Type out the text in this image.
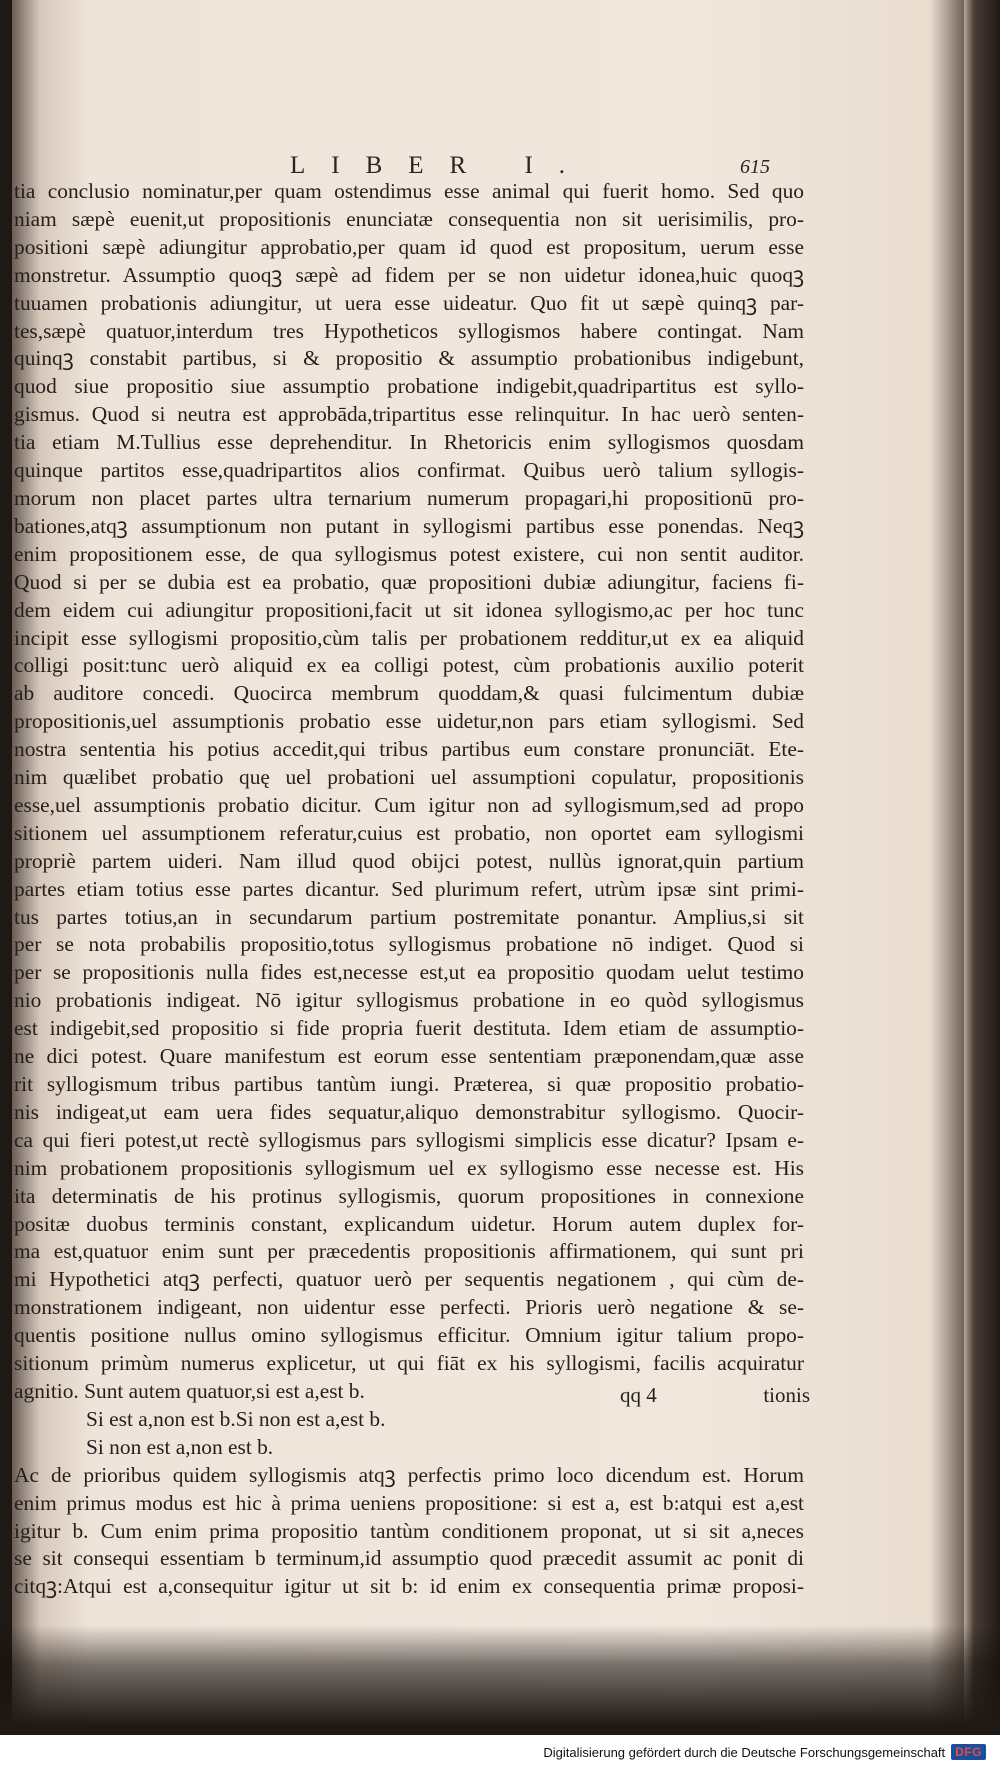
LIBER I.	615
tia conclusio nominatur,per quam ostendimus esse animal qui fuerit homo. Sed quo
niam sæpè euenit,ut propositionis enunciatæ consequentia non sit uerisimilis, pro-
positioni sæpè adiungitur approbatio,per quam id quod est propositum, uerum esse
monstretur. Assumptio quoqꝫ sæpè ad fidem per se non uidetur idonea,huic quoqꝫ
tuuamen probationis adiungitur, ut uera esse uideatur. Quo fit ut sæpè quinqꝫ par-
tes,sæpè quatuor,interdum tres Hypotheticos syllogismos habere contingat. Nam
quinqꝫ constabit partibus, si & propositio & assumptio probationibus indigebunt,
quod siue propositio siue assumptio probatione indigebit,quadripartitus est syllo-
gismus. Quod si neutra est approbāda,tripartitus esse relinquitur. In hac uerò senten-
tia etiam M.Tullius esse deprehenditur. In Rhetoricis enim syllogismos quosdam
quinque partitos esse,quadripartitos alios confirmat. Quibus uerò talium syllogis-
morum non placet partes ultra ternarium numerum propagari,hi propositionū pro-
bationes,atqꝫ assumptionum non putant in syllogismi partibus esse ponendas. Neqꝫ
enim propositionem esse, de qua syllogismus potest existere, cui non sentit auditor.
Quod si per se dubia est ea probatio, quæ propositioni dubiæ adiungitur, faciens fi-
dem eidem cui adiungitur propositioni,facit ut sit idonea syllogismo,ac per hoc tunc
incipit esse syllogismi propositio,cùm talis per probationem redditur,ut ex ea aliquid
colligi posit:tunc uerò aliquid ex ea colligi potest, cùm probationis auxilio poterit
ab auditore concedi. Quocirca membrum quoddam,& quasi fulcimentum dubiæ
propositionis,uel assumptionis probatio esse uidetur,non pars etiam syllogismi. Sed
nostra sententia his potius accedit,qui tribus partibus eum constare pronunciāt. Ete-
nim quælibet probatio quę uel probationi uel assumptioni copulatur, propositionis
esse,uel assumptionis probatio dicitur. Cum igitur non ad syllogismum,sed ad propo
sitionem uel assumptionem referatur,cuius est probatio, non oportet eam syllogismi
propriè partem uideri. Nam illud quod obijci potest, nullùs ignorat,quin partium
partes etiam totius esse partes dicantur. Sed plurimum refert, utrùm ipsæ sint primi-
tus partes totius,an in secundarum partium postremitate ponantur. Amplius,si sit
per se nota probabilis propositio,totus syllogismus probatione nō indiget. Quod si
per se propositionis nulla fides est,necesse est,ut ea propositio quodam uelut testimo
nio probationis indigeat. Nō igitur syllogismus probatione in eo quòd syllogismus
est indigebit,sed propositio si fide propria fuerit destituta. Idem etiam de assumptio-
ne dici potest. Quare manifestum est eorum esse sententiam præponendam,quæ asse
rit syllogismum tribus partibus tantùm iungi. Præterea, si quæ propositio probatio-
nis indigeat,ut eam uera fides sequatur,aliquo demonstrabitur syllogismo. Quocir-
ca qui fieri potest,ut rectè syllogismus pars syllogismi simplicis esse dicatur? Ipsam e-
nim probationem propositionis syllogismum uel ex syllogismo esse necesse est. His
ita determinatis de his protinus syllogismis, quorum propositiones in connexione
positæ duobus terminis constant, explicandum uidetur. Horum autem duplex for-
ma est,quatuor enim sunt per præcedentis propositionis affirmationem, qui sunt pri
mi Hypothetici atqꝫ perfecti, quatuor uerò per sequentis negationem , qui cùm de-
monstrationem indigeant, non uidentur esse perfecti. Prioris uerò negatione & se-
quentis positione nullus omino syllogismus efficitur. Omnium igitur talium propo-
sitionum primùm numerus explicetur, ut qui fiāt ex his syllogismi, facilis acquiratur
agnitio. Sunt autem quatuor,si est a,est b.
Si est a,non est b.Si non est a,est b.
Si non est a,non est b.
Ac de prioribus quidem syllogismis atqꝫ perfectis primo loco dicendum est. Horum
enim primus modus est hic à prima ueniens propositione: si est a, est b:atqui est a,est
igitur b. Cum enim prima propositio tantùm conditionem proponat, ut si sit a,neces
se sit consequi essentiam b terminum,id assumptio quod præcedit assumit ac ponit di
citqꝫ:Atqui est a,consequitur igitur ut sit b: id enim ex consequentia primæ proposi-
qq 4	tionis
Digitalisierung gefördert durch die Deutsche Forschungsgemeinschaft DFG
